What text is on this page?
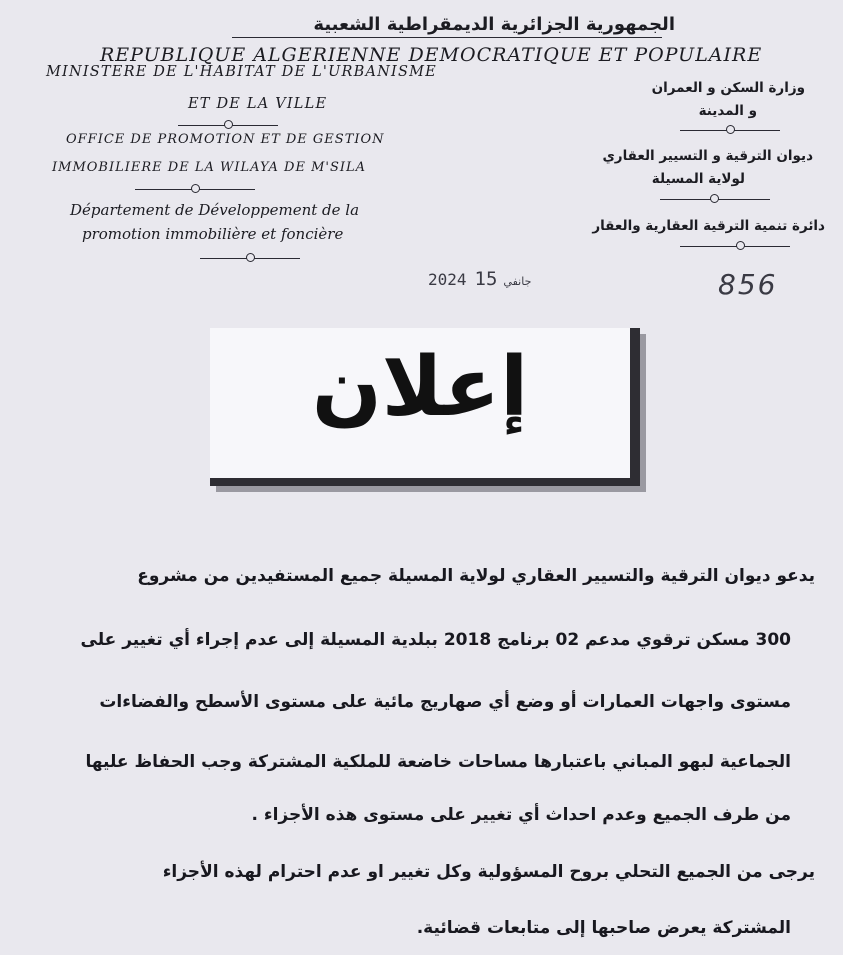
الجمهورية الجزائرية الديمقراطية الشعبية
REPUBLIQUE ALGERIENNE DEMOCRATIQUE ET POPULAIRE
MINISTERE DE L'HABITAT DE L'URBANISME
ET DE LA VILLE
OFFICE DE PROMOTION ET DE GESTION
IMMOBILIERE DE LA WILAYA DE M'SILA
Département de Développement de la
promotion immobilière et foncière
وزارة السكن و العمران
و المدينة
ديوان الترقية و التسيير العقاري
لولاية المسيلة
دائرة تنمية الترقية العقارية والعقار
2024	جانفي15	856
إعلان
يدعو ديوان الترقية والتسيير العقاري لولاية المسيلة جميع المستفيدين من مشروع
300 مسكن ترقوي مدعم 02 برنامج 2018 ببلدية المسيلة إلى عدم إجراء أي تغيير على
مستوى واجهات العمارات أو وضع أي صهاريج مائية على مستوى الأسطح والفضاءات
الجماعية لبهو المباني باعتبارها مساحات خاضعة للملكية المشتركة وجب الحفاظ عليها
من طرف الجميع وعدم احداث أي تغيير على مستوى هذه الأجزاء .
يرجى من الجميع التحلي بروح المسؤولية وكل تغيير او عدم احترام لهذه الأجزاء
المشتركة يعرض صاحبها إلى متابعات قضائية.
